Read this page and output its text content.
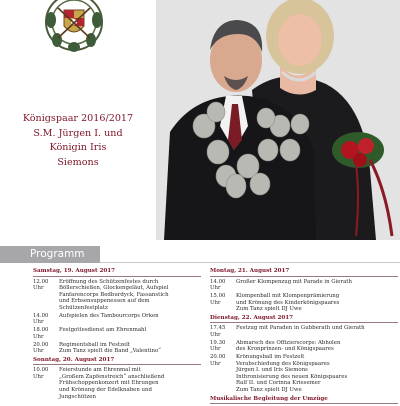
Königspaar 2016/2017
S.M. Jürgen I. und
Königin Iris
Siemons
Programm
Samstag, 19. August 2017
12.00 Uhr
Eröffnung des Schützenfestes durch
Böllerschießen, Glockengeläut, Aufspiel
Fanfarencorps Bedburdyck, Fassanstich
und Erbsensuppenessen auf dem
Schützenfestplatz
14.00 Uhr
Aufspielen des Tambourcorps Orken
18.00 Uhr
Festgottesdienst am Ehrenmahl
20.00 Uhr
Regimentsball im Festzelt
Zum Tanz spielt die Band „Valentino“
Sonntag, 20. August 2017
10.00 Uhr
Feierstunde am Ehrenmal mit
„Großem Zapfenstreich“ anschließend
Frühschoppenkonzert mit Ehrungen
und Krönung der Edelknaben und
Jungschützen
Montag, 21. August 2017
14.00 Uhr
Großer Klompenzug mit Parade in Gierath
15.00 Uhr
Klompenball mit Klompenprämierung
und Krönung des Kinderkönigspaares
Zum Tanz spielt DJ Uwe
Dienstag, 22. August 2017
17.45 Uhr
Festzug mit Paraden in Gubberath und Gierath
19.30 Uhr
Abmarsch des Offizierscorps: Abholen
des Kronprinzen- und Königspaares
20.00 Uhr
Krönungsball im Festzelt
Verabschiedung des Königspaares
Jürgen I. und Iris Siemons
Inthronisierung des neuen Königspaares
Ralf II. und Corinna Kriesemer
Zum Tanz spielt DJ Uwe
Musikalische Begleitung der Umzüge
